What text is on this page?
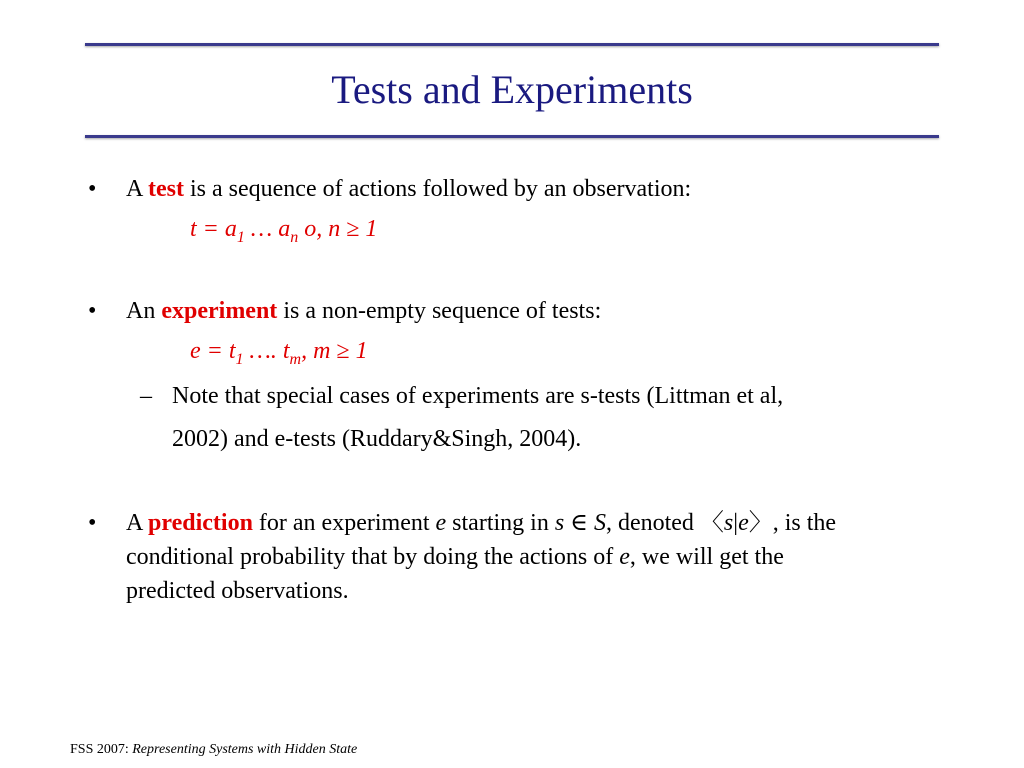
Tests and Experiments
• A test is a sequence of actions followed by an observation:
$t = a_1$ … $a_n$ o, n ≥ 1
• An experiment is a non-empty sequence of tests:
$e = t_1$ …. $t_m$, m ≥ 1
– Note that special cases of experiments are s-tests (Littman et al,
2002) and e-tests (Ruddary&Singh, 2004).
• A prediction for an experiment e starting in s ∈ S, denoted 〈s|e〉, is the
conditional probability that by doing the actions of e, we will get the
predicted observations.
FSS 2007: Representing Systems with Hidden State
